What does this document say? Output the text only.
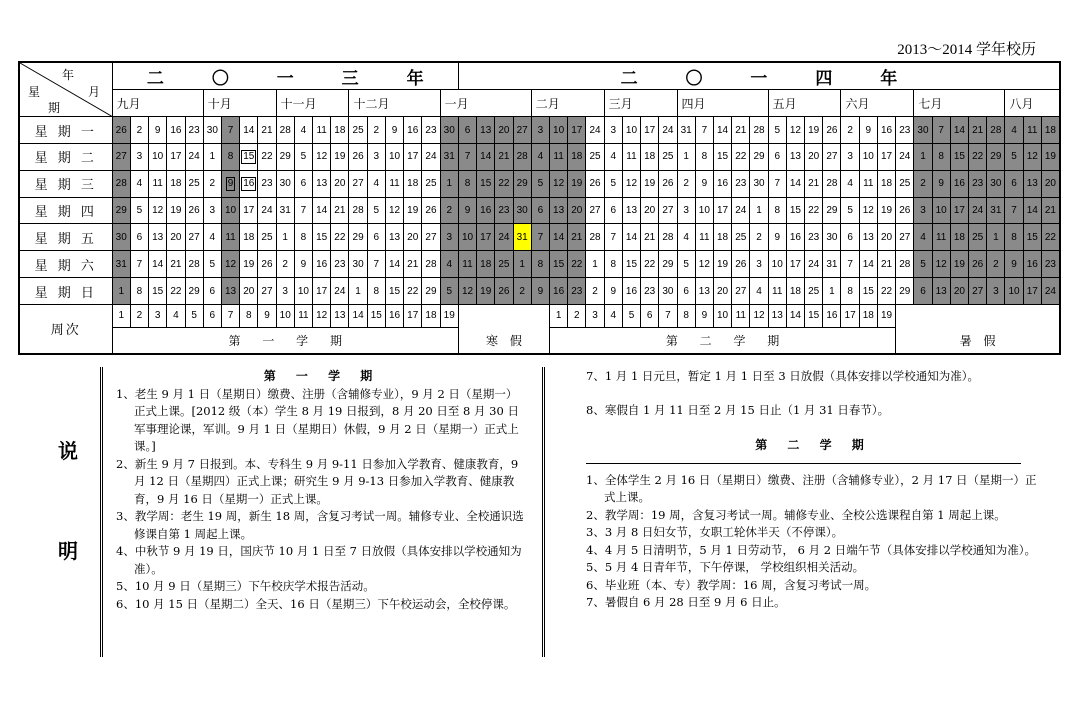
2013～2014 学年校历
年
月
星
期	二 〇 一 三 年																			二 〇 一 四 年																																
	九月					十月				十一月				十二月					一月					二月				三月				四月					五月				六月				七月					八月		
星 期 一	26	2	9	16	23	30	7	14	21	28	4	11	18	25	2	9	16	23	30	6	13	20	27	3	10	17	24	3	10	17	24	31	7	14	21	28	5	12	19	26	2	9	16	23	30	7	14	21	28	4	11	18
星 期 二	27	3	10	17	24	1	8	15	22	29	5	12	19	26	3	10	17	24	31	7	14	21	28	4	11	18	25	4	11	18	25	1	8	15	22	29	6	13	20	27	3	10	17	24	1	8	15	22	29	5	12	19
星 期 三	28	4	11	18	25	2	9	16	23	30	6	13	20	27	4	11	18	25	1	8	15	22	29	5	12	19	26	5	12	19	26	2	9	16	23	30	7	14	21	28	4	11	18	25	2	9	16	23	30	6	13	20
星 期 四	29	5	12	19	26	3	10	17	24	31	7	14	21	28	5	12	19	26	2	9	16	23	30	6	13	20	27	6	13	20	27	3	10	17	24	1	8	15	22	29	5	12	19	26	3	10	17	24	31	7	14	21
星 期 五	30	6	13	20	27	4	11	18	25	1	8	15	22	29	6	13	20	27	3	10	17	24	31	7	14	21	28	7	14	21	28	4	11	18	25	2	9	16	23	30	6	13	20	27	4	11	18	25	1	8	15	22
星 期 六	31	7	14	21	28	5	12	19	26	2	9	16	23	30	7	14	21	28	4	11	18	25	1	8	15	22	1	8	15	22	29	5	12	19	26	3	10	17	24	31	7	14	21	28	5	12	19	26	2	9	16	23
星 期 日	1	8	15	22	29	6	13	20	27	3	10	17	24	1	8	15	22	29	5	12	19	26	2	9	16	23	2	9	16	23	30	6	13	20	27	4	11	18	25	1	8	15	22	29	6	13	20	27	3	10	17	24
周次	1	2	3	4	5	6	7	8	9	10	11	12	13	14	15	16	17	18	19						1	2	3	4	5	6	7	8	9	10	11	12	13	14	15	16	17	18	19									
	第 一 学 期																			寒 假					第 二 学 期																			暑 假								
说
明
第 一 学 期

1、老生 9 月 1 日（星期日）缴费、注册（含辅修专业），9 月 2 日（星期一）正式上课。[2012 级（本）学生 8 月 19 日报到，8 月 20 日至 8 月 30 日军事理论课，军训。9 月 1 日（星期日）休假，9 月 2 日（星期一）正式上课。]

2、新生 9 月 7 日报到。本、专科生 9 月 9-11 日参加入学教育、健康教育，9 月 12 日（星期四）正式上课；研究生 9 月 9-13 日参加入学教育、健康教育，9 月 16 日（星期一）正式上课。

3、教学周：老生 19 周，新生 18 周，含复习考试一周。辅修专业、全校通识选修课自第 1 周起上课。

4、中秋节 9 月 19 日，国庆节 10 月 1 日至 7 日放假（具体安排以学校通知为准）。

5、10 月 9 日（星期三）下午校庆学术报告活动。

6、10 月 15 日（星期二）全天、16 日（星期三）下午校运动会，全校停课。

7、1 月 1 日元旦，暂定 1 月 1 日至 3 日放假（具体安排以学校通知为准）。

8、寒假自 1 月 11 日至 2 月 15 日止（1 月 31 日春节）。

第 二 学 期

1、全体学生 2 月 16 日（星期日）缴费、注册（含辅修专业），2 月 17 日（星期一）正式上课。

2、教学周：19 周，含复习考试一周。辅修专业、全校公选课程自第 1 周起上课。

3、3 月 8 日妇女节，女职工轮休半天（不停课）。

4、4 月 5 日清明节，5 月 1 日劳动节， 6 月 2 日端午节（具体安排以学校通知为准）。

5、5 月 4 日青年节，下午停课， 学校组织相关活动。

6、毕业班（本、专）教学周：16 周，含复习考试一周。

7、暑假自 6 月 28 日至 9 月 6 日止。
